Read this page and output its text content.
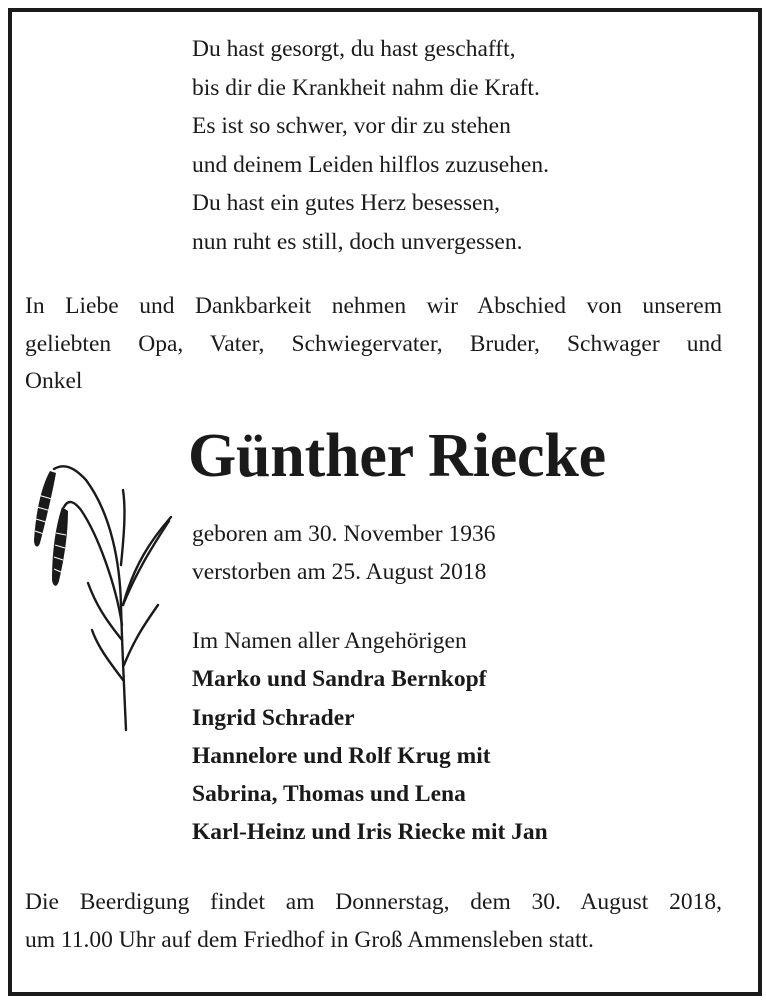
Du hast gesorgt, du hast geschafft,
bis dir die Krankheit nahm die Kraft.
Es ist so schwer, vor dir zu stehen
und deinem Leiden hilflos zuzusehen.
Du hast ein gutes Herz besessen,
nun ruht es still, doch unvergessen.
In Liebe und Dankbarkeit nehmen wir Abschied von unserem
geliebten Opa, Vater, Schwiegervater, Bruder, Schwager und
Onkel
Günther Riecke
geboren am 30. November 1936
verstorben am 25. August 2018
Im Namen aller Angehörigen
Marko und Sandra Bernkopf
Ingrid Schrader
Hannelore und Rolf Krug mit
Sabrina, Thomas und Lena
Karl-Heinz und Iris Riecke mit Jan
Die Beerdigung findet am Donnerstag, dem 30. August 2018,
um 11.00 Uhr auf dem Friedhof in Groß Ammensleben statt.
